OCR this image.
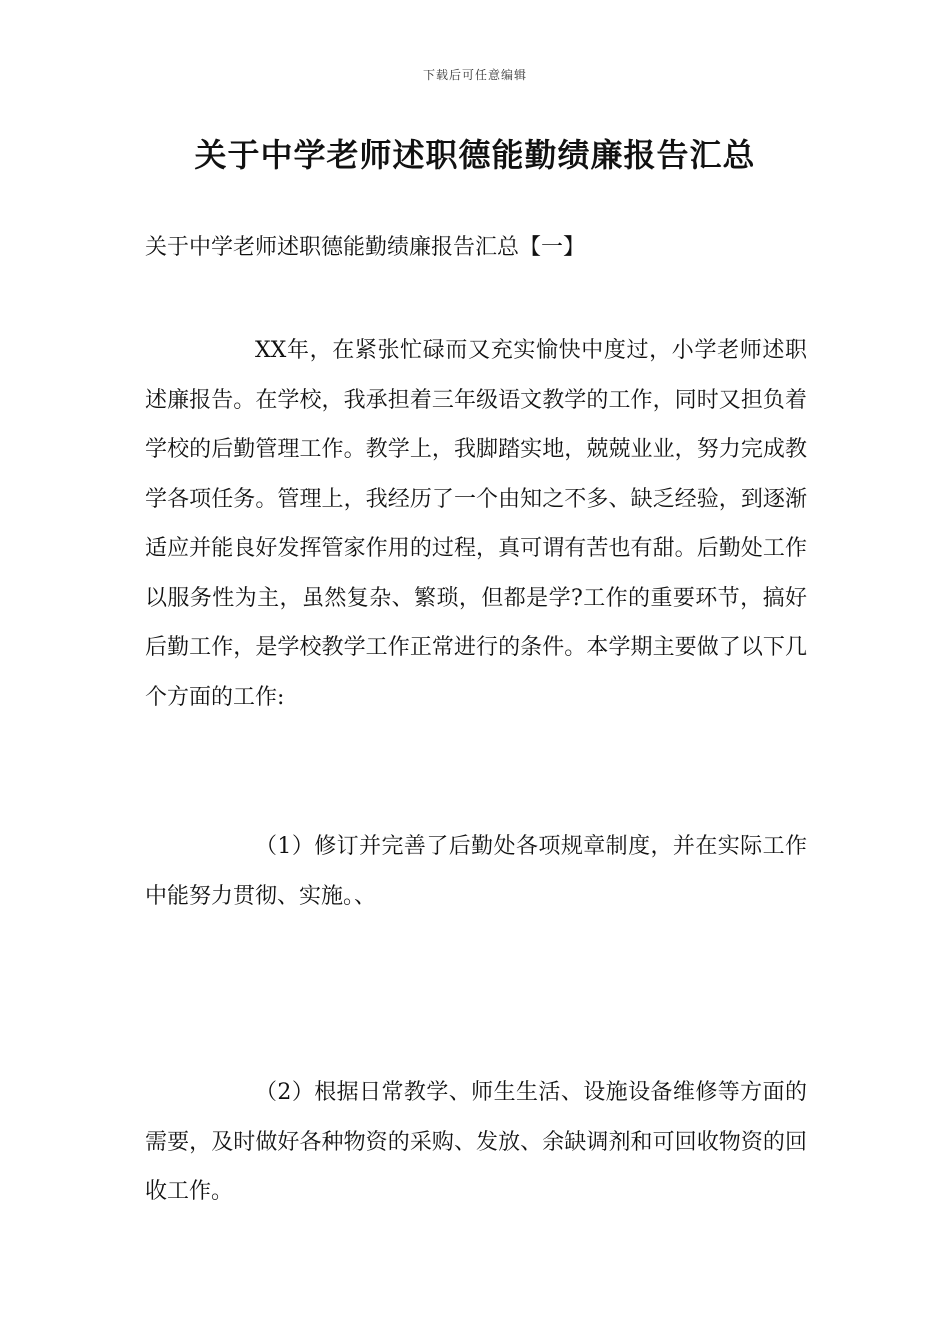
下载后可任意编辑
关于中学老师述职德能勤绩廉报告汇总
关于中学老师述职德能勤绩廉报告汇总【一】

XX年，在紧张忙碌而又充实愉快中度过，小学老师述职述廉报告。在学校，我承担着三年级语文教学的工作，同时又担负着学校的后勤管理工作。教学上，我脚踏实地，兢兢业业，努力完成教学各项任务。管理上，我经历了一个由知之不多、缺乏经验，到逐渐适应并能良好发挥管家作用的过程，真可谓有苦也有甜。后勤处工作以服务性为主，虽然复杂、繁琐，但都是学?工作的重要环节，搞好后勤工作，是学校教学工作正常进行的条件。本学期主要做了以下几个方面的工作:

（1）修订并完善了后勤处各项规章制度，并在实际工作中能努力贯彻、实施。、

（2）根据日常教学、师生生活、设施设备维修等方面的需要，及时做好各种物资的采购、发放、余缺调剂和可回收物资的回收工作。
